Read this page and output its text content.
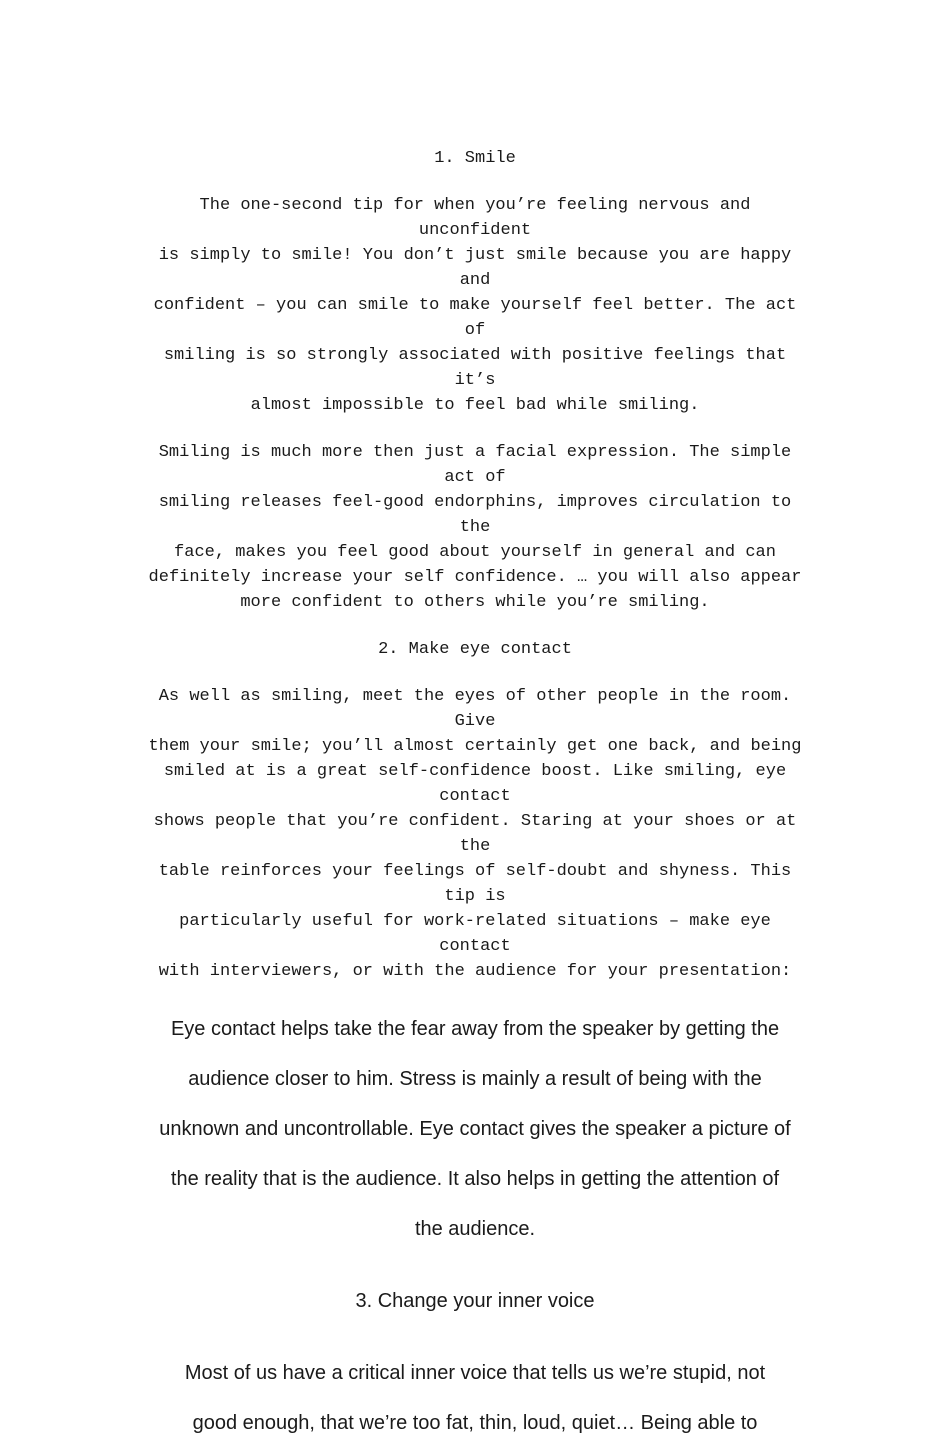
1. Smile
The one-second tip for when you’re feeling nervous and unconfident
is simply to smile! You don’t just smile because you are happy and
confident – you can smile to make yourself feel better. The act of
smiling is so strongly associated with positive feelings that it’s
almost impossible to feel bad while smiling.
Smiling is much more then just a facial expression. The simple act of
smiling releases feel-good endorphins, improves circulation to the
face, makes you feel good about yourself in general and can
definitely increase your self confidence. … you will also appear
more confident to others while you’re smiling.
2. Make eye contact
As well as smiling, meet the eyes of other people in the room. Give
them your smile; you’ll almost certainly get one back, and being
smiled at is a great self-confidence boost. Like smiling, eye contact
shows people that you’re confident. Staring at your shoes or at the
table reinforces your feelings of self-doubt and shyness. This tip is
particularly useful for work-related situations – make eye contact
with interviewers, or with the audience for your presentation:
Eye contact helps take the fear away from the speaker by getting the
audience closer to him. Stress is mainly a result of being with the
unknown and uncontrollable. Eye contact gives the speaker a picture of
the reality that is the audience. It also helps in getting the attention of
the audience.
3. Change your inner voice
Most of us have a critical inner voice that tells us we’re stupid, not
good enough, that we’re too fat, thin, loud, quiet… Being able to
